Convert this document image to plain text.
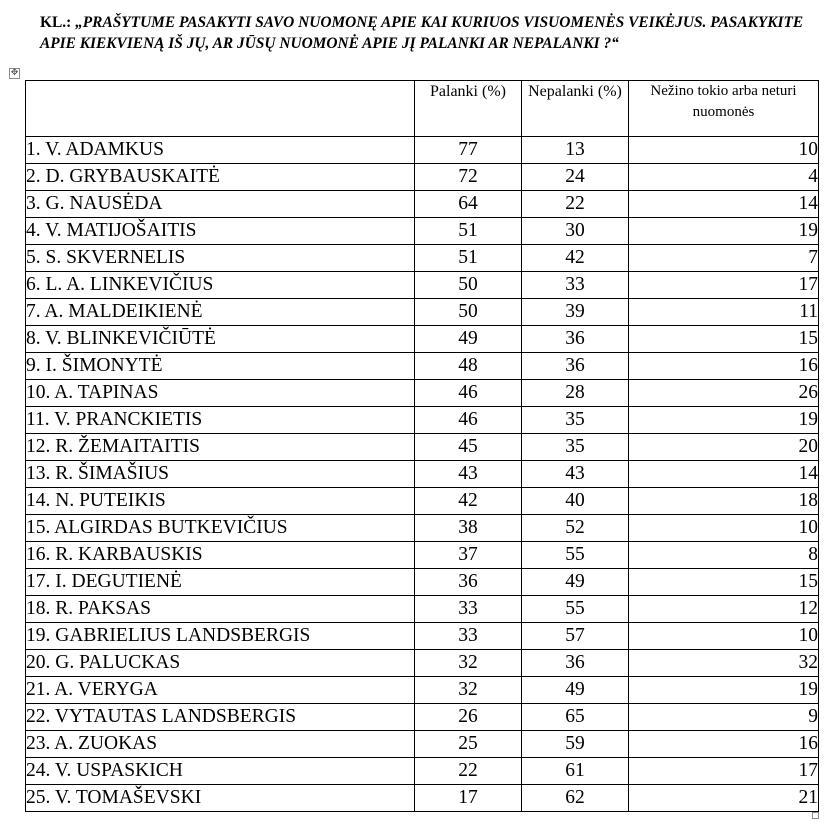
KL.: „PRAŠYTUME PASAKYTI SAVO NUOMONĘ APIE KAI KURIUOS VISUOMENĖS VEIKĖJUS. PASAKYKITE APIE KIEKVIENĄ IŠ JŲ, AR JŪSŲ NUOMONĖ APIE JĮ PALANKI AR NEPALANKI ?“
✥
	Palanki (%)	Nepalanki (%)	Nežino tokio arba neturi nuomonės
1. V. ADAMKUS	77	13	10
2. D. GRYBAUSKAITĖ	72	24	4
3. G. NAUSĖDA	64	22	14
4. V. MATIJOŠAITIS	51	30	19
5. S. SKVERNELIS	51	42	7
6. L. A. LINKEVIČIUS	50	33	17
7. A. MALDEIKIENĖ	50	39	11
8. V. BLINKEVIČIŪTĖ	49	36	15
9. I. ŠIMONYTĖ	48	36	16
10. A. TAPINAS	46	28	26
11. V. PRANCKIETIS	46	35	19
12. R. ŽEMAITAITIS	45	35	20
13. R. ŠIMAŠIUS	43	43	14
14. N. PUTEIKIS	42	40	18
15. ALGIRDAS BUTKEVIČIUS	38	52	10
16. R. KARBAUSKIS	37	55	8
17. I. DEGUTIENĖ	36	49	15
18. R. PAKSAS	33	55	12
19. GABRIELIUS LANDSBERGIS	33	57	10
20. G. PALUCKAS	32	36	32
21. A. VERYGA	32	49	19
22. VYTAUTAS LANDSBERGIS	26	65	9
23. A. ZUOKAS	25	59	16
24. V. USPASKICH	22	61	17
25. V. TOMAŠEVSKI	17	62	21
